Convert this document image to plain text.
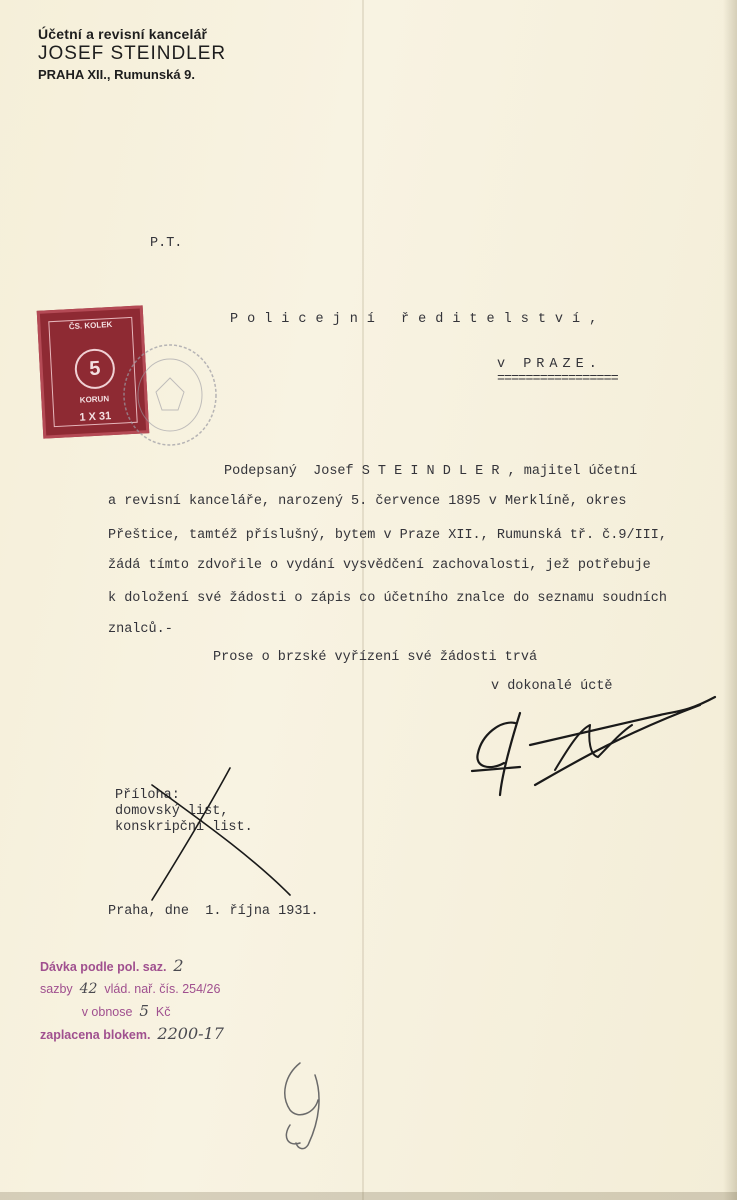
Účetní a revisní kancelář
JOSEF STEINDLER
PRAHA XII., Rumunská 9.
P.T.
Policejní ředitelství,
v PRAZE.
=================
ČS. KOLEK
5
KORUN
1 X 31
Podepsaný  Josef S T E I N D L E R , majitel účetní
a revisní kanceláře, narozený 5. července 1895 v Merklíně, okres
Přeštice, tamtéž příslušný, bytem v Praze XII., Rumunská tř. č.9/III,
žádá tímto zdvořile o vydání vysvědčení zachovalosti, jež potřebuje
k doložení své žádosti o zápis co účetního znalce do seznamu soudních
znalců.-
Prose o brzské vyřízení své žádosti trvá
v dokonalé úctě
Příloha:
domovský list,
konskripční list.
Praha, dne  1. října 1931.
Dávka podle pol. saz. 2
sazby 42 vlád. nař. čís. 254/26
v obnose 5 Kč
zaplacena blokem. 2200-17
